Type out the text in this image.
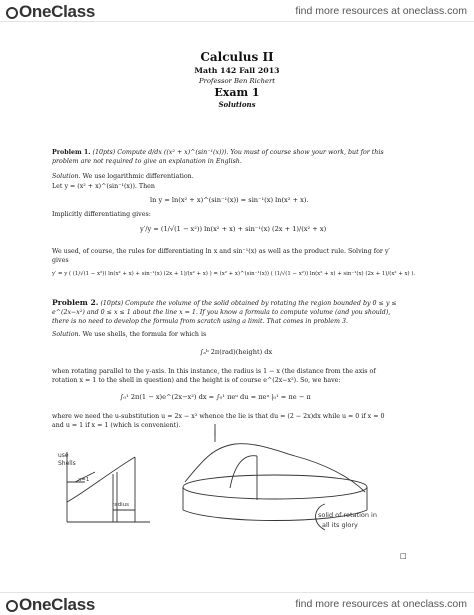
OneClass	find more resources at oneclass.com
Calculus II
Math 142 Fall 2013
Professor Ben Richert
Exam 1
Solutions
Problem 1. (10pts) Compute d/dx ((x² + x)^(sin⁻¹(x))). You must of course show your work, but for this
problem are not required to give an explanation in English.
Solution. We use logarithmic differentiation.
Let y = (x² + x)^(sin⁻¹(x)). Then
ln y = ln(x² + x)^(sin⁻¹(x)) = sin⁻¹(x) ln(x² + x).
Implicitly differentiating gives:
y′/y = (1/√(1 − x²)) ln(x² + x) + sin⁻¹(x) (2x + 1)/(x² + x)
We used, of course, the rules for differentiating ln x and sin⁻¹(x) as well as the product rule. Solving for y′
gives
y′ = y ( (1/√(1 − x²)) ln(x² + x) + sin⁻¹(x) (2x + 1)/(x² + x) ) = (x² + x)^(sin⁻¹(x)) ( (1/√(1 − x²)) ln(x² + x) + sin⁻¹(x) (2x + 1)/(x² + x) ).
Problem 2. (10pts) Compute the volume of the solid obtained by rotating the region bounded by 0 ≤ y ≤
e^(2x−x²) and 0 ≤ x ≤ 1 about the line x = 1. If you know a formula to compute volume (and you should),
there is no need to develop the formula from scratch using a limit. That comes in problem 3.
Solution. We use shells, the formula for which is
∫ₐᵇ 2π(rad)(height) dx
when rotating parallel to the y-axis. In this instance, the radius is 1 − x (the distance from the axis of
rotation x = 1 to the shell in question) and the height is of course e^(2x−x²). So, we have:
∫₀¹ 2π(1 − x)e^(2x−x²) dx = ∫₀¹ πeᵘ du = πeᵘ |₀¹ = πe − π
where we need the u-substitution u = 2x − x² whence the lie is that du = (2 − 2x)dx while u = 0 if x = 0
and u = 1 if x = 1 (which is convenient).
use
Shells
x=1
radius
solid of rotation in
all its glory
□
OneClass	find more resources at oneclass.com
